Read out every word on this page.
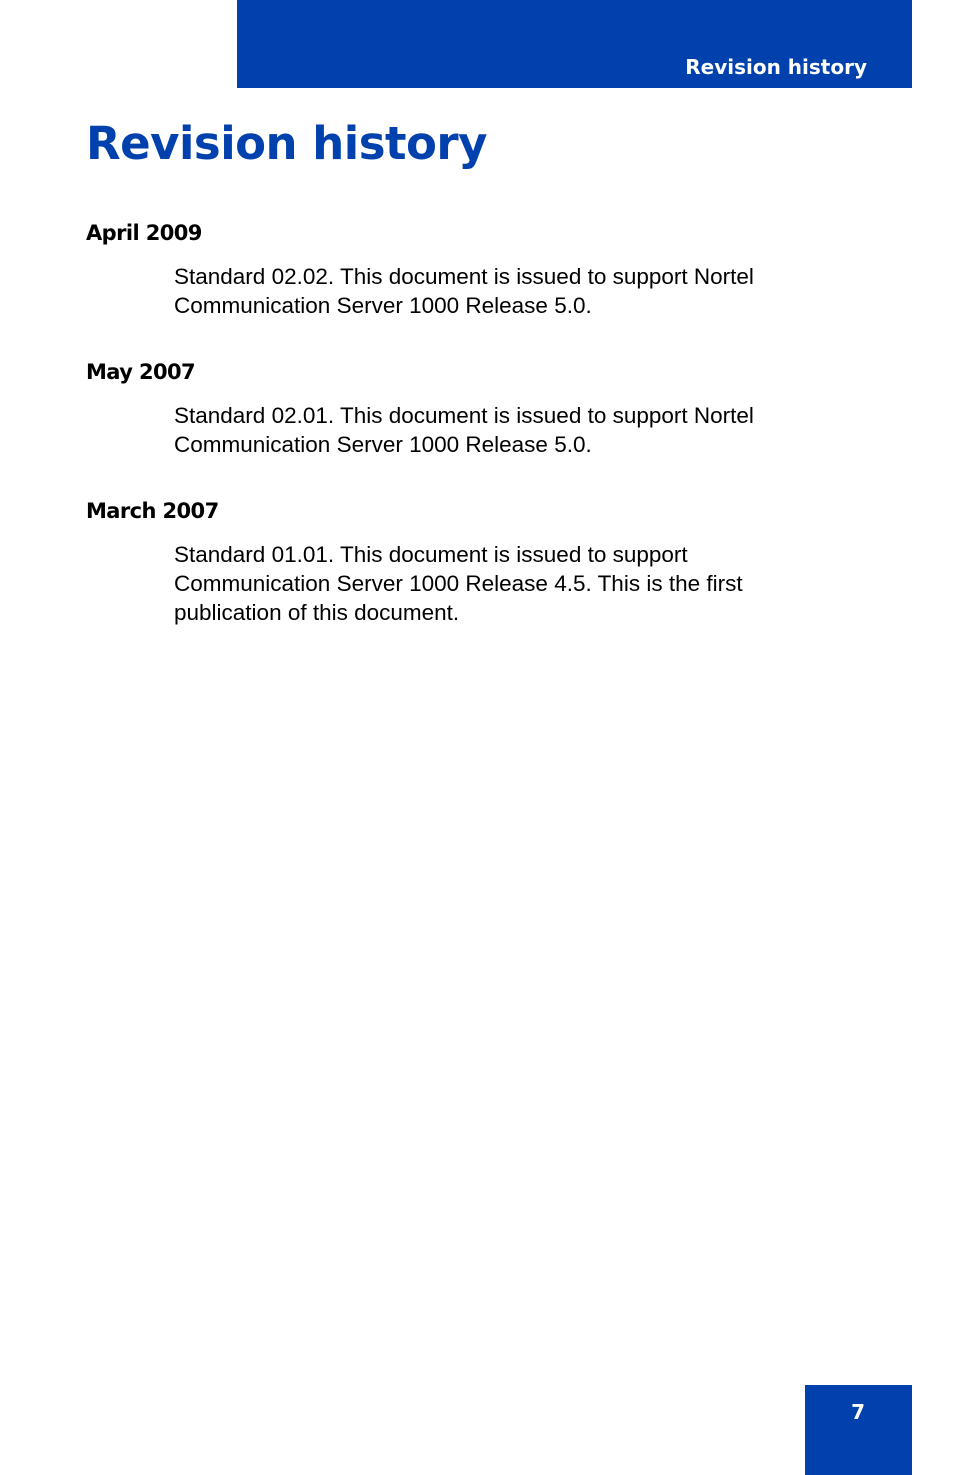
Revision history
Revision history
April 2009

Standard 02.02. This document is issued to support Nortel
Communication Server 1000 Release 5.0.

May 2007

Standard 02.01. This document is issued to support Nortel
Communication Server 1000 Release 5.0.

March 2007

Standard 01.01. This document is issued to support
Communication Server 1000 Release 4.5. This is the first
publication of this document.

7
